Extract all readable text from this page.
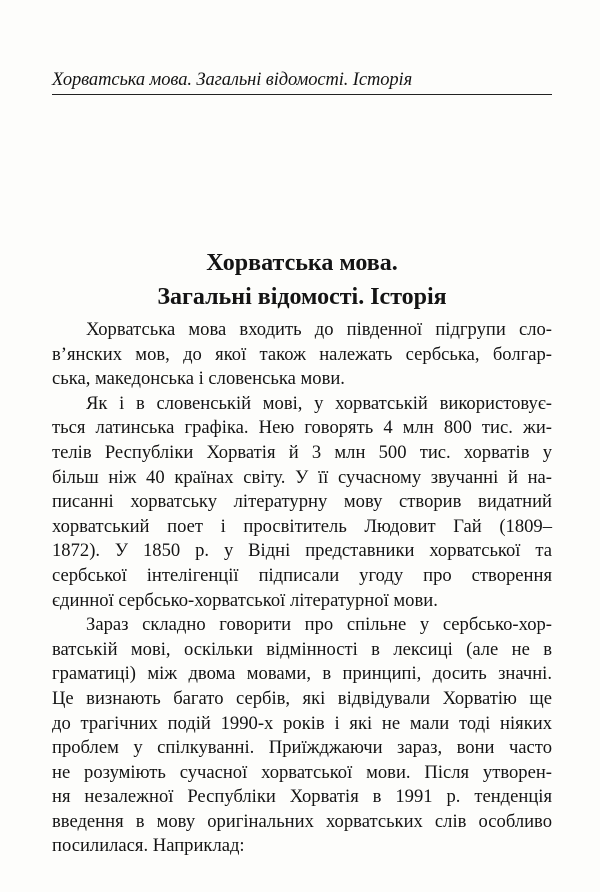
Хорватська мова. Загальні відомості. Історія
Хорватська мова.
Загальні відомості. Історія
Хорватська мова входить до південної підгрупи сло-
в’янских мов, до якої також належать сербська, болгар-
ська, македонська і словенська мови.
Як і в словенській мові, у хорватській використовує-
ться латинська графіка. Нею говорять 4 млн 800 тис. жи-
телів Республіки Хорватія й 3 млн 500 тис. хорватів у
більш ніж 40 країнах світу. У її сучасному звучанні й на-
писанні хорватську літературну мову створив видатний
хорватський поет і просвітитель Людовит Гай (1809–
1872). У 1850 р. у Відні представники хорватської та
сербської інтелігенції підписали угоду про створення
єдинної сербсько-хорватської літературної мови.
Зараз складно говорити про спільне у сербсько-хор-
ватській мові, оскільки відмінності в лексиці (але не в
граматиці) між двома мовами, в принципі, досить значні.
Це визнають багато сербів, які відвідували Хорватію ще
до трагічних подій 1990-х років і які не мали тоді ніяких
проблем у спілкуванні. Приїжджаючи зараз, вони часто
не розуміють сучасної хорватської мови. Після утворен-
ня незалежної Республіки Хорватія в 1991 р. тенденція
введення в мову оригінальних хорватських слів особливо
посилилася. Наприклад:
